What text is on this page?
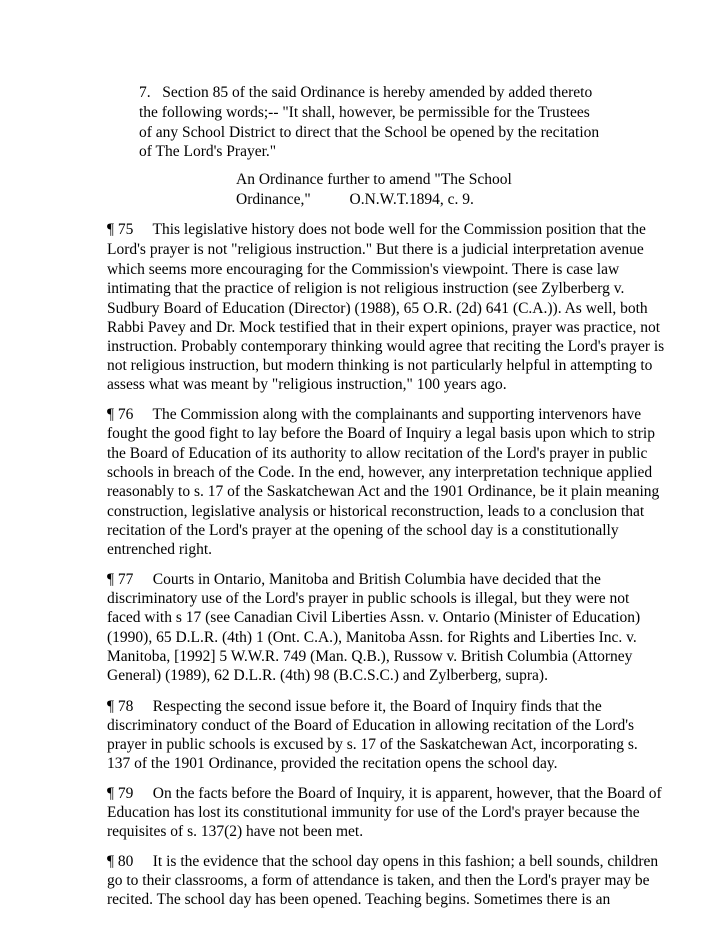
7.   Section 85 of the said Ordinance is hereby amended by added thereto
the following words;-- "It shall, however, be permissible for the Trustees
of any School District to direct that the School be opened by the recitation
of The Lord's Prayer."
An Ordinance further to amend "The School
Ordinance,"          O.N.W.T.1894, c. 9.
¶ 75     This legislative history does not bode well for the Commission position that the
Lord's prayer is not "religious instruction." But there is a judicial interpretation avenue
which seems more encouraging for the Commission's viewpoint. There is case law
intimating that the practice of religion is not religious instruction (see Zylberberg v.
Sudbury Board of Education (Director) (1988), 65 O.R. (2d) 641 (C.A.)). As well, both
Rabbi Pavey and Dr. Mock testified that in their expert opinions, prayer was practice, not
instruction. Probably contemporary thinking would agree that reciting the Lord's prayer is
not religious instruction, but modern thinking is not particularly helpful in attempting to
assess what was meant by "religious instruction," 100 years ago.
¶ 76     The Commission along with the complainants and supporting intervenors have
fought the good fight to lay before the Board of Inquiry a legal basis upon which to strip
the Board of Education of its authority to allow recitation of the Lord's prayer in public
schools in breach of the Code. In the end, however, any interpretation technique applied
reasonably to s. 17 of the Saskatchewan Act and the 1901 Ordinance, be it plain meaning
construction, legislative analysis or historical reconstruction, leads to a conclusion that
recitation of the Lord's prayer at the opening of the school day is a constitutionally
entrenched right.
¶ 77     Courts in Ontario, Manitoba and British Columbia have decided that the
discriminatory use of the Lord's prayer in public schools is illegal, but they were not
faced with s 17 (see Canadian Civil Liberties Assn. v. Ontario (Minister of Education)
(1990), 65 D.L.R. (4th) 1 (Ont. C.A.), Manitoba Assn. for Rights and Liberties Inc. v.
Manitoba, [1992] 5 W.W.R. 749 (Man. Q.B.), Russow v. British Columbia (Attorney
General) (1989), 62 D.L.R. (4th) 98 (B.C.S.C.) and Zylberberg, supra).
¶ 78     Respecting the second issue before it, the Board of Inquiry finds that the
discriminatory conduct of the Board of Education in allowing recitation of the Lord's
prayer in public schools is excused by s. 17 of the Saskatchewan Act, incorporating s.
137 of the 1901 Ordinance, provided the recitation opens the school day.
¶ 79     On the facts before the Board of Inquiry, it is apparent, however, that the Board of
Education has lost its constitutional immunity for use of the Lord's prayer because the
requisites of s. 137(2) have not been met.
¶ 80     It is the evidence that the school day opens in this fashion; a bell sounds, children
go to their classrooms, a form of attendance is taken, and then the Lord's prayer may be
recited. The school day has been opened. Teaching begins. Sometimes there is an
